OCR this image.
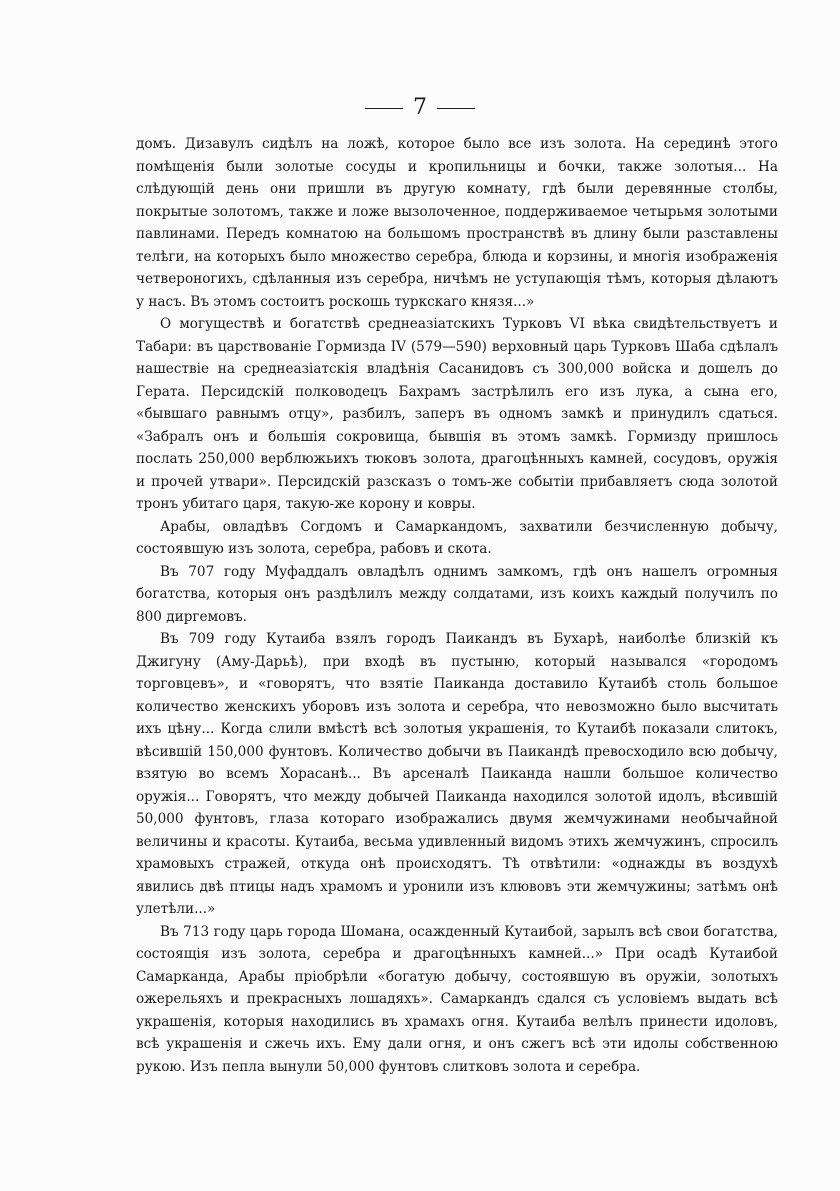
7

домъ. Дизавулъ сидѣлъ на ложѣ, которое было все изъ золота. На серединѣ этого помѣщенія были золотые сосуды и кропильницы и бочки, также золотыя... На слѣдующій день они пришли въ другую комнату, гдѣ были деревянные столбы, покрытые золотомъ, также и ложе вызолоченное, поддерживаемое четырьмя золотыми павлинами. Передъ комнатою на большомъ пространствѣ въ длину были разставлены телѣги, на которыхъ было множество серебра, блюда и корзины, и многія изображенія четвероногихъ, сдѣланныя изъ серебра, ничѣмъ не уступающія тѣмъ, которыя дѣлаютъ у насъ. Въ этомъ состоитъ роскошь туркскаго князя...»

О могуществѣ и богатствѣ среднеазіатскихъ Турковъ VI вѣка свидѣтельствуетъ и Табари: въ царствованіе Гормизда IV (579—590) верховный царь Турковъ Шаба сдѣлалъ нашествіе на среднеазіатскія владѣнія Сасанидовъ съ 300,000 войска и дошелъ до Герата. Персидскій полководецъ Бахрамъ застрѣлилъ его изъ лука, а сына его, «бывшаго равнымъ отцу», разбилъ, заперъ въ одномъ замкѣ и принудилъ сдаться. «Забралъ онъ и большія сокровища, бывшія въ этомъ замкѣ. Гормизду пришлось послать 250,000 верблюжьихъ тюковъ золота, драгоцѣнныхъ камней, сосудовъ, оружія и прочей утвари». Персидскій разсказъ о томъ-же событіи прибавляетъ сюда золотой тронъ убитаго царя, такую-же корону и ковры.

Арабы, овладѣвъ Согдомъ и Самаркандомъ, захватили безчисленную добычу, состоявшую изъ золота, серебра, рабовъ и скота.

Въ 707 году Муфаддалъ овладѣлъ однимъ замкомъ, гдѣ онъ нашелъ огромныя богатства, которыя онъ раздѣлилъ между солдатами, изъ коихъ каждый получилъ по 800 диргемовъ.

Въ 709 году Кутаиба взялъ городъ Паикандъ въ Бухарѣ, наиболѣе близкій къ Джигуну (Аму-Дарьѣ), при входѣ въ пустыню, который назывался «городомъ торговцевъ», и «говорятъ, что взятіе Паиканда доставило Кутаибѣ столь большое количество женскихъ уборовъ изъ золота и серебра, что невозможно было высчитать ихъ цѣну... Когда слили вмѣстѣ всѣ золотыя украшенія, то Кутаибѣ показали слитокъ, вѣсившій 150,000 фунтовъ. Количество добычи въ Паикандѣ превосходило всю добычу, взятую во всемъ Хорасанѣ... Въ арсеналѣ Паиканда нашли большое количество оружія... Говорятъ, что между добычей Паиканда находился золотой идолъ, вѣсившій 50,000 фунтовъ, глаза котораго изображались двумя жемчужинами необычайной величины и красоты. Кутаиба, весьма удивленный видомъ этихъ жемчужинъ, спросилъ храмовыхъ стражей, откуда онѣ происходятъ. Тѣ отвѣтили: «однажды въ воздухѣ явились двѣ птицы надъ храмомъ и уронили изъ клювовъ эти жемчужины; затѣмъ онѣ улетѣли...»

Въ 713 году царь города Шомана, осажденный Кутаибой, зарылъ всѣ свои богатства, состоящія изъ золота, серебра и драгоцѣнныхъ камней...» При осадѣ Кутаибой Самарканда, Арабы пріобрѣли «богатую добычу, состоявшую въ оружіи, золотыхъ ожерельяхъ и прекрасныхъ лошадяхъ». Самаркандъ сдался съ условіемъ выдать всѣ украшенія, которыя находились въ храмахъ огня. Кутаиба велѣлъ принести идоловъ, всѣ украшенія и сжечь ихъ. Ему дали огня, и онъ сжегъ всѣ эти идолы собственною рукою. Изъ пепла вынули 50,000 фунтовъ слитковъ золота и серебра.
